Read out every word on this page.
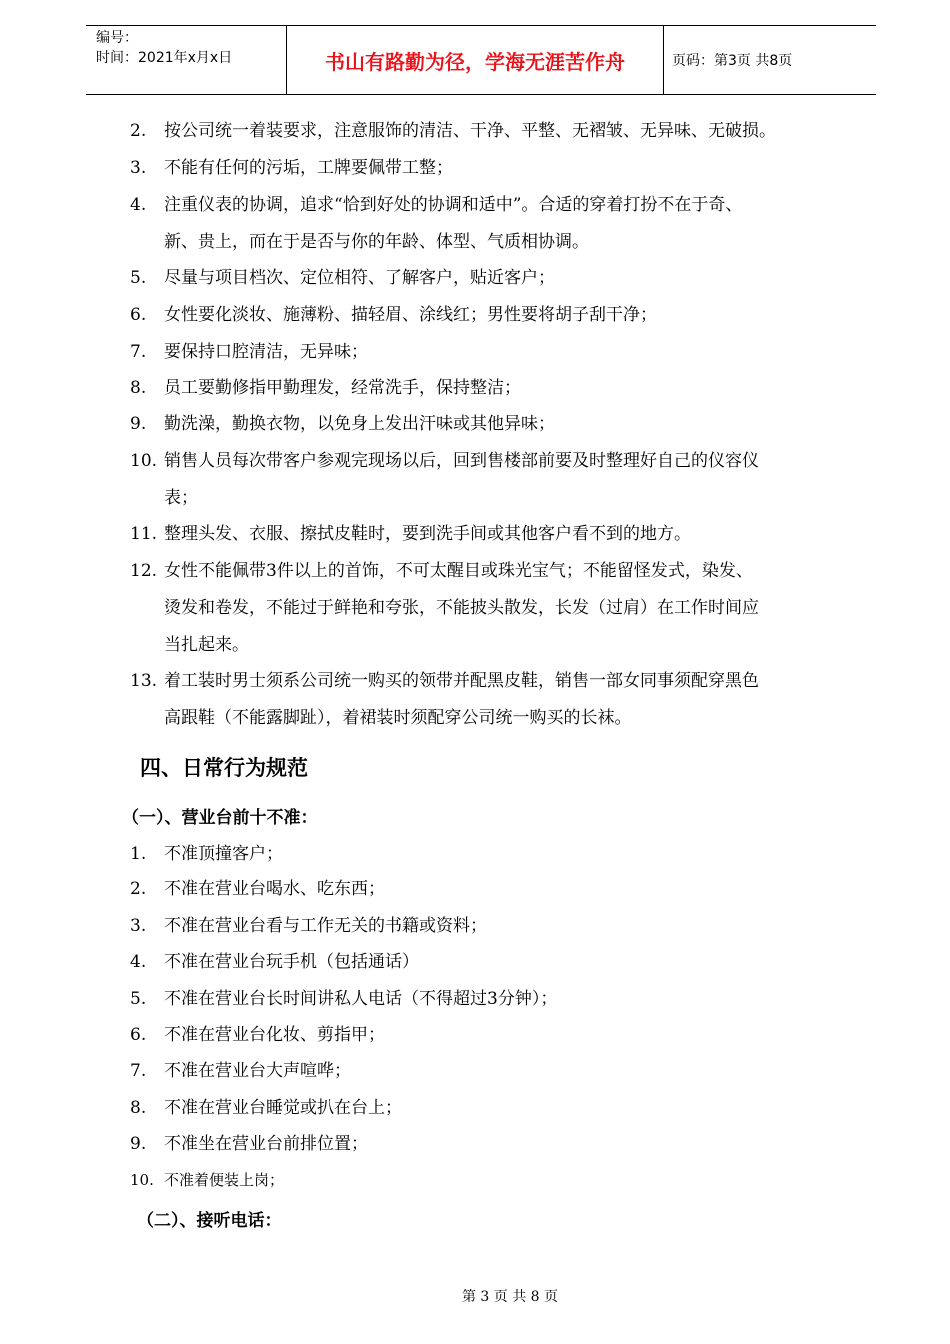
编号：
时间：2021年x月x日	书山有路勤为径，学海无涯苦作舟	页码：第3页 共8页
四、日常行为规范
（一）、营业台前十不准：
（二）、接听电话：
2. 按公司统一着装要求，注意服饰的清洁、干净、平整、无褶皱、无异味、无破损。
3. 不能有任何的污垢，工牌要佩带工整；
4. 注重仪表的协调，追求“恰到好处的协调和适中”。合适的穿着打扮不在于奇、
新、贵上，而在于是否与你的年龄、体型、气质相协调。
5. 尽量与项目档次、定位相符、了解客户，贴近客户；
6. 女性要化淡妆、施薄粉、描轻眉、涂线红；男性要将胡子刮干净；
7. 要保持口腔清洁，无异味；
8. 员工要勤修指甲勤理发，经常洗手，保持整洁；
9. 勤洗澡，勤换衣物，以免身上发出汗味或其他异味；
10. 销售人员每次带客户参观完现场以后，回到售楼部前要及时整理好自己的仪容仪
表；
11. 整理头发、衣服、擦拭皮鞋时，要到洗手间或其他客户看不到的地方。
12. 女性不能佩带3件以上的首饰，不可太醒目或珠光宝气；不能留怪发式，染发、
烫发和卷发，不能过于鲜艳和夸张，不能披头散发，长发（过肩）在工作时间应
当扎起来。
13. 着工装时男士须系公司统一购买的领带并配黑皮鞋，销售一部女同事须配穿黑色
高跟鞋（不能露脚趾），着裙装时须配穿公司统一购买的长袜。
1. 不准顶撞客户；
2. 不准在营业台喝水、吃东西；
3. 不准在营业台看与工作无关的书籍或资料；
4. 不准在营业台玩手机（包括通话）
5. 不准在营业台长时间讲私人电话（不得超过3分钟）；
6. 不准在营业台化妆、剪指甲；
7. 不准在营业台大声喧哗；
8. 不准在营业台睡觉或扒在台上；
9. 不准坐在营业台前排位置；
10. 不准着便装上岗；
第 3 页 共 8 页
